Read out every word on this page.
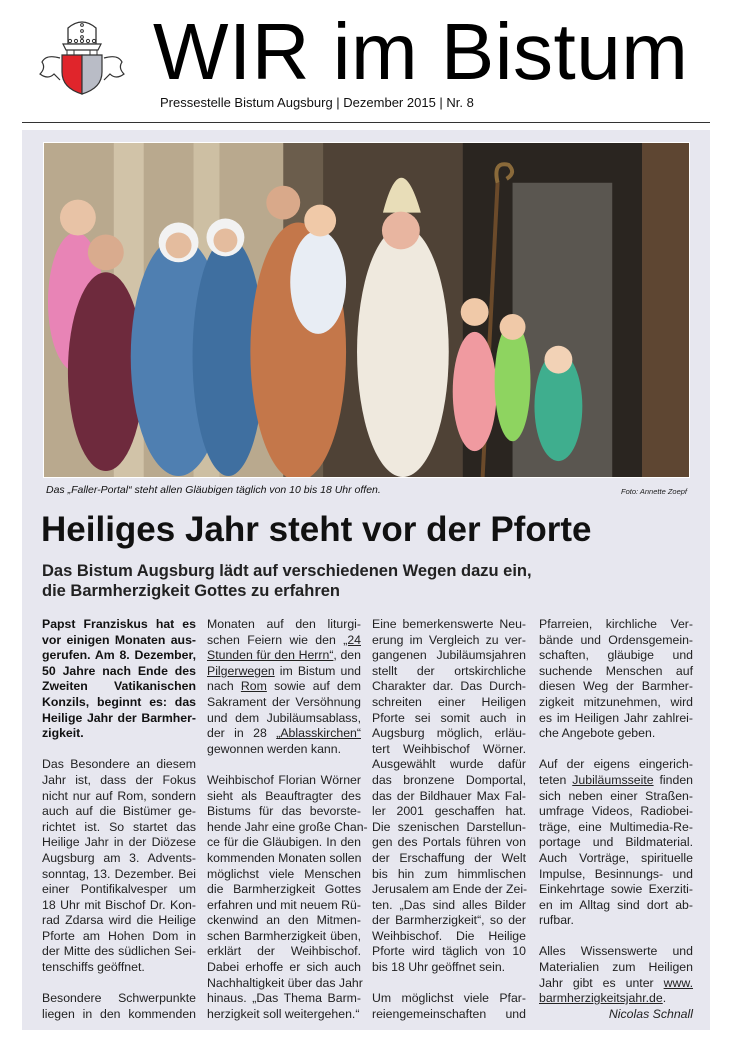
WIR im Bistum
Pressestelle Bistum Augsburg | Dezember 2015 | Nr. 8
Das „Faller-Portal“ steht allen Gläubigen täglich von 10 bis 18 Uhr offen.	Foto: Annette Zoepf
Heiliges Jahr steht vor der Pforte
Das Bistum Augsburg lädt auf verschiedenen Wegen dazu ein,
die Barmherzigkeit Gottes zu erfahren
Papst Franziskus hat es
vor einigen Monaten aus-
gerufen. Am 8. Dezember,
50 Jahre nach Ende des
Zweiten Vatikanischen
Konzils, beginnt es: das
Heilige Jahr der Barmher-
zigkeit.
Das Besondere an diesem
Jahr ist, dass der Fokus
nicht nur auf Rom, sondern
auch auf die Bistümer ge-
richtet ist. So startet das
Heilige Jahr in der Diözese
Augsburg am 3. Advents-
sonntag, 13. Dezember. Bei
einer Pontifikalvesper um
18 Uhr mit Bischof Dr. Kon-
rad Zdarsa wird die Heilige
Pforte am Hohen Dom in
der Mitte des südlichen Sei-
tenschiffs geöffnet.
Besondere Schwerpunkte
liegen in den kommenden
Monaten auf den liturgi-
schen Feiern wie den „24
Stunden für den Herrn“, den
Pilgerwegen im Bistum und
nach Rom sowie auf dem
Sakrament der Versöhnung
und dem Jubiläumsablass,
der in 28 „Ablasskirchen“
gewonnen werden kann.
Weihbischof Florian Wörner
sieht als Beauftragter des
Bistums für das bevorste-
hende Jahr eine große Chan-
ce für die Gläubigen. In den
kommenden Monaten sollen
möglichst viele Menschen
die Barmherzigkeit Gottes
erfahren und mit neuem Rü-
ckenwind an den Mitmen-
schen Barmherzigkeit üben,
erklärt der Weihbischof.
Dabei erhoffe er sich auch
Nachhaltigkeit über das Jahr
hinaus. „Das Thema Barm-
herzigkeit soll weitergehen.“
Eine bemerkenswerte Neu-
erung im Vergleich zu ver-
gangenen Jubiläumsjahren
stellt der ortskirchliche
Charakter dar. Das Durch-
schreiten einer Heiligen
Pforte sei somit auch in
Augsburg möglich, erläu-
tert Weihbischof Wörner.
Ausgewählt wurde dafür
das bronzene Domportal,
das der Bildhauer Max Fal-
ler 2001 geschaffen hat.
Die szenischen Darstellun-
gen des Portals führen von
der Erschaffung der Welt
bis hin zum himmlischen
Jerusalem am Ende der Zei-
ten. „Das sind alles Bilder
der Barmherzigkeit“, so der
Weihbischof. Die Heilige
Pforte wird täglich von 10
bis 18 Uhr geöffnet sein.
Um möglichst viele Pfar-
reiengemeinschaften und
Pfarreien, kirchliche Ver-
bände und Ordensgemein-
schaften, gläubige und
suchende Menschen auf
diesen Weg der Barmher-
zigkeit mitzunehmen, wird
es im Heiligen Jahr zahlrei-
che Angebote geben.
Auf der eigens eingerich-
teten Jubiläumsseite finden
sich neben einer Straßen-
umfrage Videos, Radiobei-
träge, eine Multimedia-Re-
portage und Bildmaterial.
Auch Vorträge, spirituelle
Impulse, Besinnungs- und
Einkehrtage sowie Exerziti-
en im Alltag sind dort ab-
rufbar.
Alles Wissenswerte und
Materialien zum Heiligen
Jahr gibt es unter www.
barmherzigkeitsjahr.de.
Nicolas Schnall
